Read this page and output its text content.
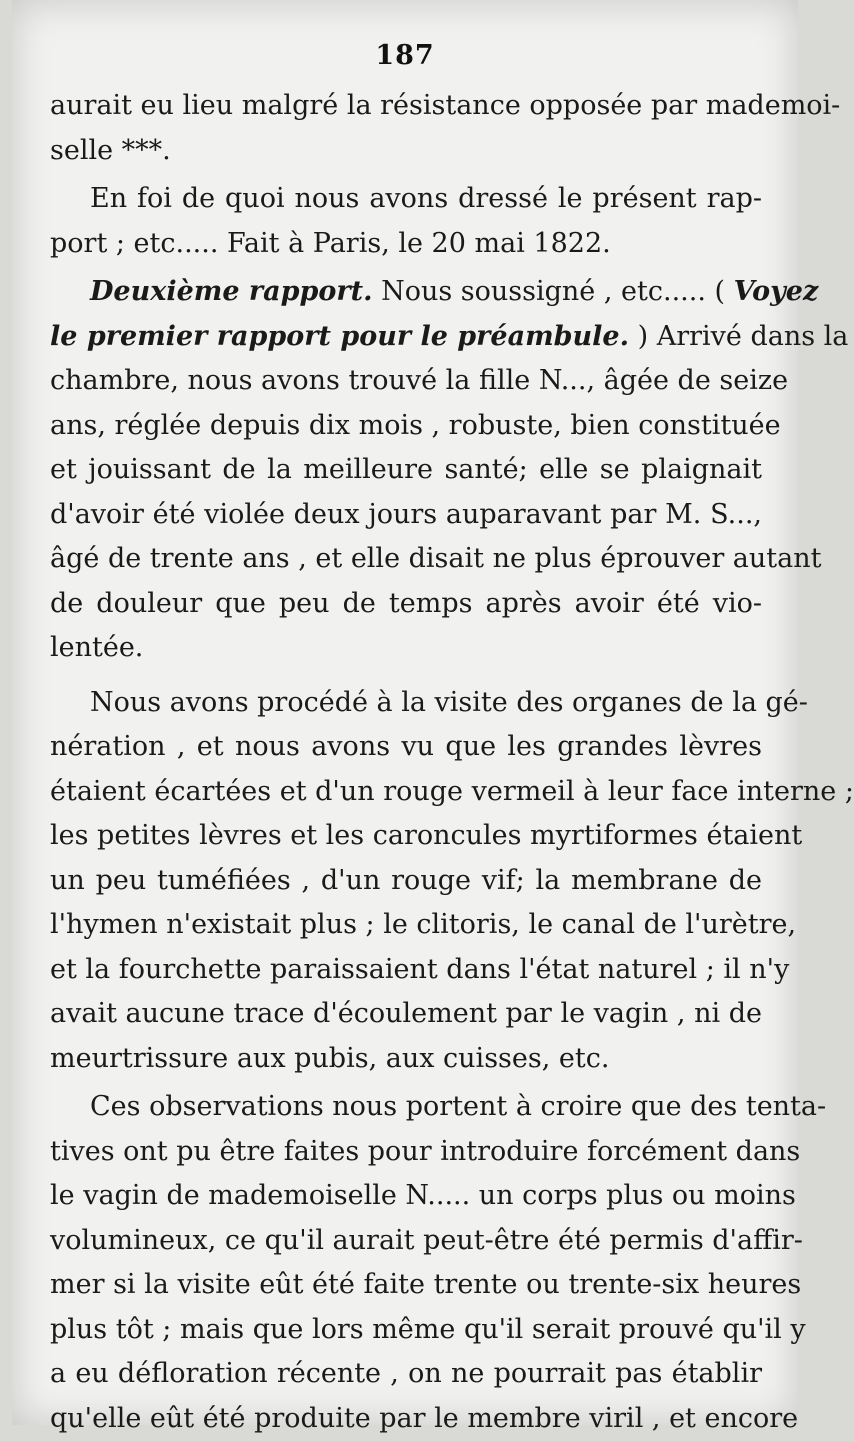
187
aurait eu lieu malgré la résistance opposée par mademoi-
selle ***.
En foi de quoi nous avons dressé le présent rap-
port ; etc..... Fait à Paris, le 20 mai 1822.
Deuxième rapport. Nous soussigné , etc..... ( Voyez
le premier rapport pour le préambule. ) Arrivé dans la
chambre, nous avons trouvé la fille N..., âgée de seize
ans, réglée depuis dix mois , robuste, bien constituée
et jouissant de la meilleure santé; elle se plaignait
d'avoir été violée deux jours auparavant par M. S...,
âgé de trente ans , et elle disait ne plus éprouver autant
de douleur que peu de temps après avoir été vio-
lentée.
Nous avons procédé à la visite des organes de la gé-
nération , et nous avons vu que les grandes lèvres
étaient écartées et d'un rouge vermeil à leur face interne ;
les petites lèvres et les caroncules myrtiformes étaient
un peu tuméfiées , d'un rouge vif; la membrane de
l'hymen n'existait plus ; le clitoris, le canal de l'urètre,
et la fourchette paraissaient dans l'état naturel ; il n'y
avait aucune trace d'écoulement par le vagin , ni de
meurtrissure aux pubis, aux cuisses, etc.
Ces observations nous portent à croire que des tenta-
tives ont pu être faites pour introduire forcément dans
le vagin de mademoiselle N..... un corps plus ou moins
volumineux, ce qu'il aurait peut-être été permis d'affir-
mer si la visite eût été faite trente ou trente-six heures
plus tôt ; mais que lors même qu'il serait prouvé qu'il y
a eu défloration récente , on ne pourrait pas établir
qu'elle eût été produite par le membre viril , et encore
